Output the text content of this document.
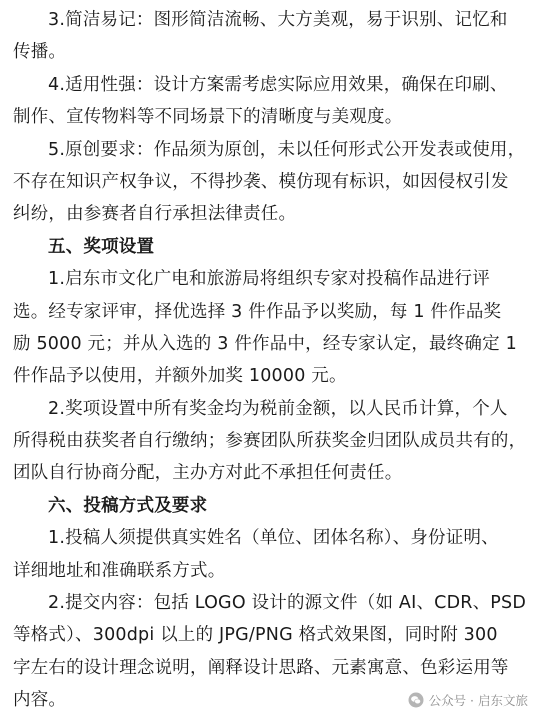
3.简洁易记：图形简洁流畅、大方美观，易于识别、记忆和
传播。
4.适用性强：设计方案需考虑实际应用效果，确保在印刷、
制作、宣传物料等不同场景下的清晰度与美观度。
5.原创要求：作品须为原创，未以任何形式公开发表或使用，
不存在知识产权争议，不得抄袭、模仿现有标识，如因侵权引发
纠纷，由参赛者自行承担法律责任。
五、奖项设置
1.启东市文化广电和旅游局将组织专家对投稿作品进行评
选。经专家评审，择优选择 3 件作品予以奖励，每 1 件作品奖
励 5000 元；并从入选的 3 件作品中，经专家认定，最终确定 1
件作品予以使用，并额外加奖 10000 元。
2.奖项设置中所有奖金均为税前金额，以人民币计算，个人
所得税由获奖者自行缴纳；参赛团队所获奖金归团队成员共有的，
团队自行协商分配，主办方对此不承担任何责任。
六、投稿方式及要求
1.投稿人须提供真实姓名（单位、团体名称）、身份证明、
详细地址和准确联系方式。
2.提交内容：包括 LOGO 设计的源文件（如 AI、CDR、PSD
等格式）、300dpi 以上的 JPG/PNG 格式效果图，同时附 300
字左右的设计理念说明，阐释设计思路、元素寓意、色彩运用等
内容。	公众号 · 启东文旅
